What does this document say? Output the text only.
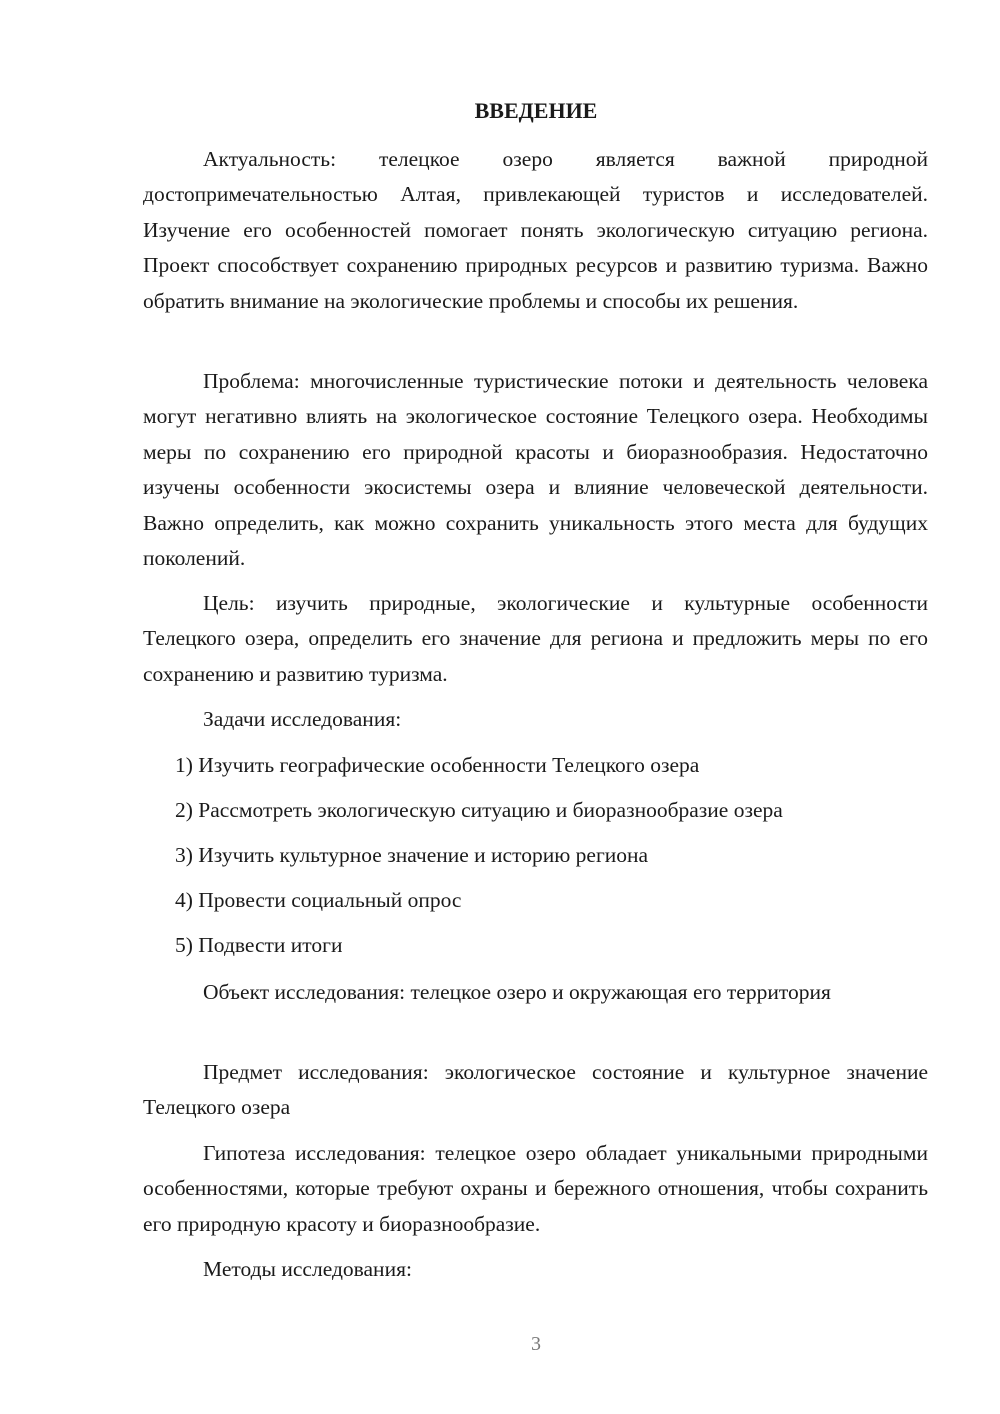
ВВЕДЕНИЕ

Актуальность: телецкое озеро является важной природной достопримечательностью Алтая, привлекающей туристов и исследователей. Изучение его особенностей помогает понять экологическую ситуацию региона. Проект способствует сохранению природных ресурсов и развитию туризма. Важно обратить внимание на экологические проблемы и способы их решения.

Проблема: многочисленные туристические потоки и деятельность человека могут негативно влиять на экологическое состояние Телецкого озера. Необходимы меры по сохранению его природной красоты и биоразнообразия. Недостаточно изучены особенности экосистемы озера и влияние человеческой деятельности. Важно определить, как можно сохранить уникальность этого места для будущих поколений.

Цель: изучить природные, экологические и культурные особенности Телецкого озера, определить его значение для региона и предложить меры по его сохранению и развитию туризма.

Задачи исследования:

1) Изучить географические особенности Телецкого озера

2) Рассмотреть экологическую ситуацию и биоразнообразие озера

3) Изучить культурное значение и историю региона

4) Провести социальный опрос

5) Подвести итоги

Объект исследования: телецкое озеро и окружающая его территория

Предмет исследования: экологическое состояние и культурное значение Телецкого озера

Гипотеза исследования: телецкое озеро обладает уникальными природными особенностями, которые требуют охраны и бережного отношения, чтобы сохранить его природную красоту и биоразнообразие.

Методы исследования:

3
